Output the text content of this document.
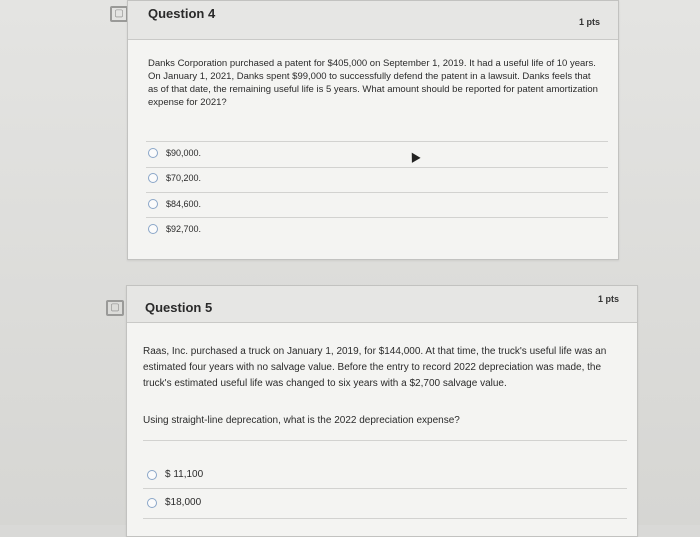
▢	Question 4
1 pts
Danks Corporation purchased a patent for $405,000 on September 1, 2019. It had a useful life of 10 years. On January 1, 2021, Danks spent $99,000 to successfully defend the patent in a lawsuit. Danks feels that as of that date, the remaining useful life is 5 years. What amount should be reported for patent amortization expense for 2021?
$90,000.
$70,200.
$84,600.
$92,700.
▢	Question 5
1 pts
Raas, Inc. purchased a truck on January 1, 2019, for $144,000. At that time, the truck's useful life was an estimated four years with no salvage value. Before the entry to record 2022 depreciation was made, the truck's estimated useful life was changed to six years with a $2,700 salvage value.
Using straight-line deprecation, what is the 2022 depreciation expense?
$ 11,100
$18,000
